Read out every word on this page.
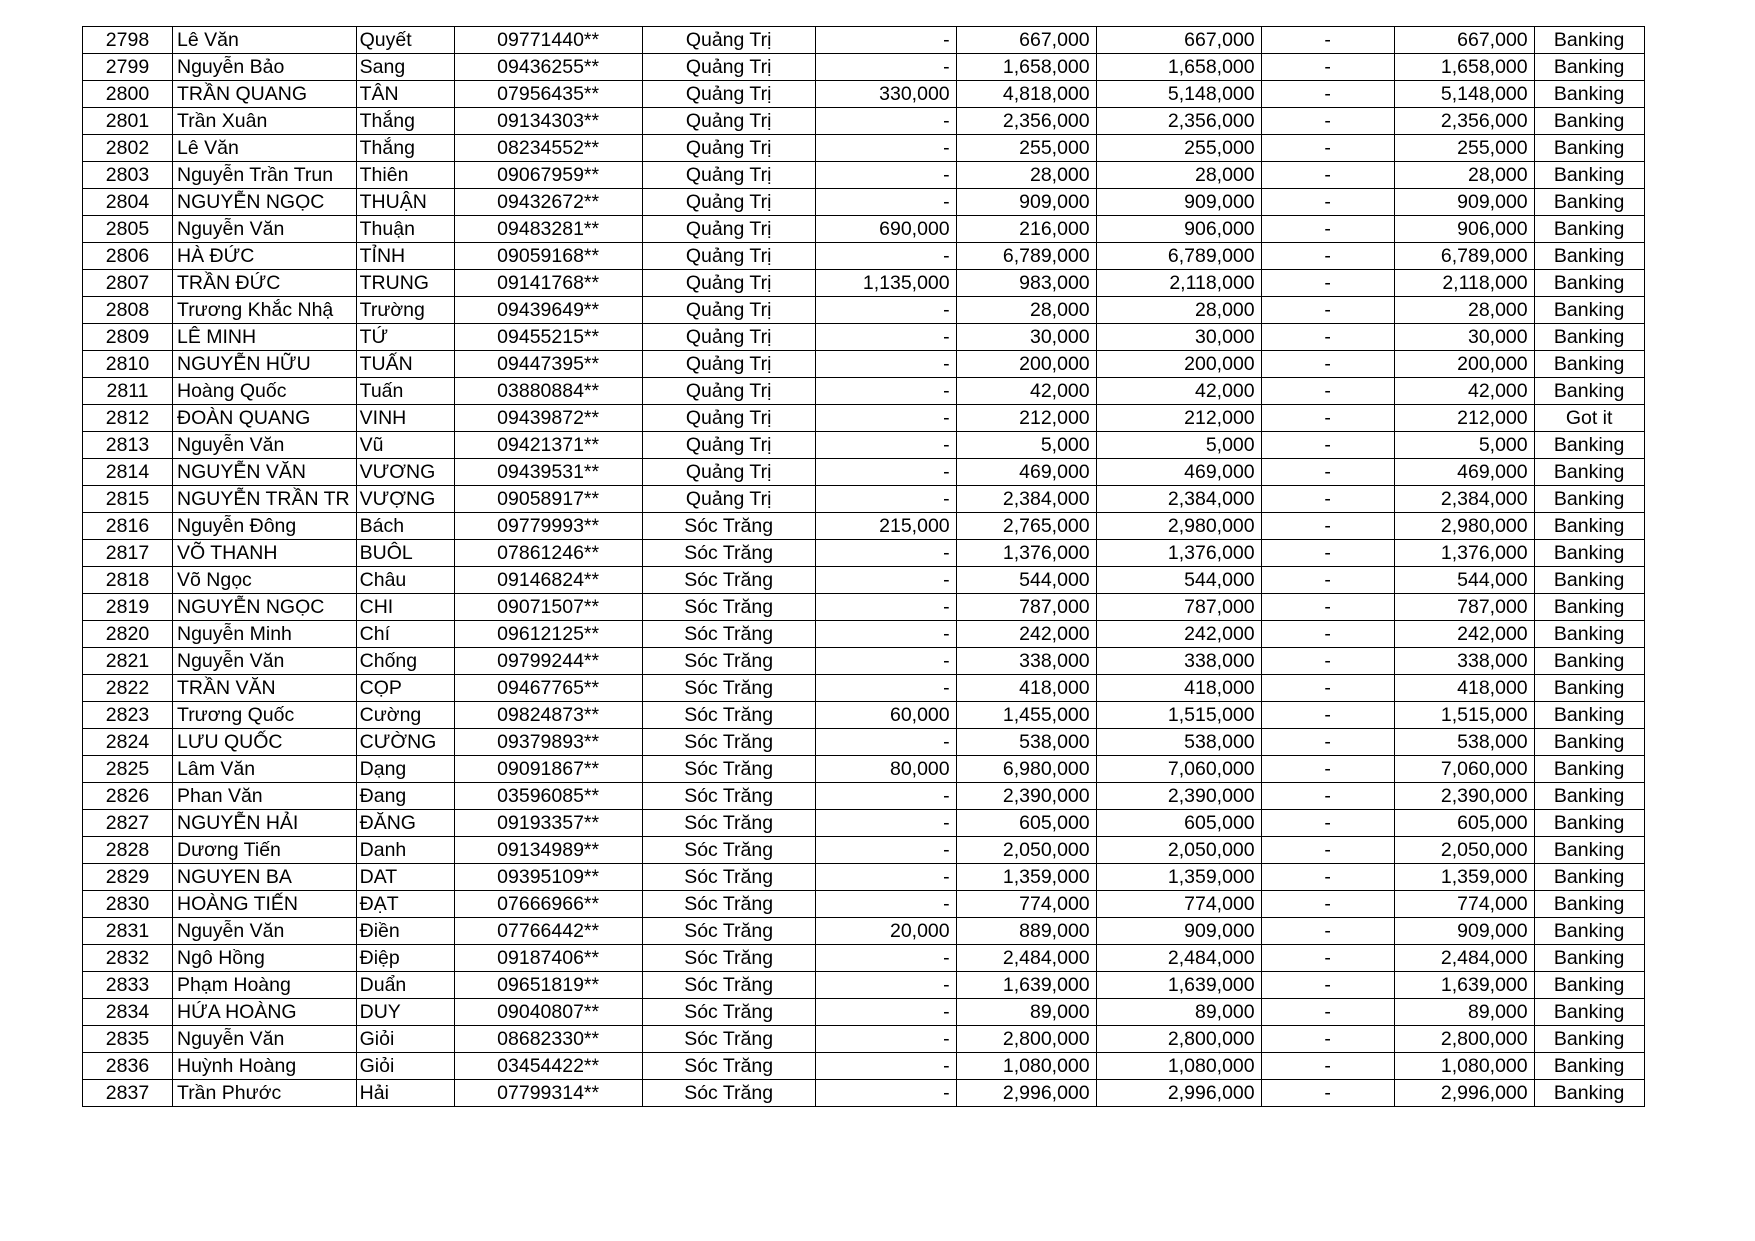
2798	Lê Văn	Quyết	09771440**	Quảng Trị	-	667,000	667,000	-	667,000	Banking
2799	Nguyễn Bảo	Sang	09436255**	Quảng Trị	-	1,658,000	1,658,000	-	1,658,000	Banking
2800	TRẦN QUANG	TÂN	07956435**	Quảng Trị	330,000	4,818,000	5,148,000	-	5,148,000	Banking
2801	Trần Xuân	Thắng	09134303**	Quảng Trị	-	2,356,000	2,356,000	-	2,356,000	Banking
2802	Lê Văn	Thắng	08234552**	Quảng Trị	-	255,000	255,000	-	255,000	Banking
2803	Nguyễn Trần Trun	Thiên	09067959**	Quảng Trị	-	28,000	28,000	-	28,000	Banking
2804	NGUYỄN NGỌC	THUẬN	09432672**	Quảng Trị	-	909,000	909,000	-	909,000	Banking
2805	Nguyễn Văn	Thuận	09483281**	Quảng Trị	690,000	216,000	906,000	-	906,000	Banking
2806	HÀ ĐỨC	TỈNH	09059168**	Quảng Trị	-	6,789,000	6,789,000	-	6,789,000	Banking
2807	TRẦN ĐỨC	TRUNG	09141768**	Quảng Trị	1,135,000	983,000	2,118,000	-	2,118,000	Banking
2808	Trương Khắc Nhậ	Trường	09439649**	Quảng Trị	-	28,000	28,000	-	28,000	Banking
2809	LÊ MINH	TỨ	09455215**	Quảng Trị	-	30,000	30,000	-	30,000	Banking
2810	NGUYỄN HỮU	TUẤN	09447395**	Quảng Trị	-	200,000	200,000	-	200,000	Banking
2811	Hoàng Quốc	Tuấn	03880884**	Quảng Trị	-	42,000	42,000	-	42,000	Banking
2812	ĐOÀN QUANG	VINH	09439872**	Quảng Trị	-	212,000	212,000	-	212,000	Got it
2813	Nguyễn Văn	Vũ	09421371**	Quảng Trị	-	5,000	5,000	-	5,000	Banking
2814	NGUYỄN VĂN	VƯƠNG	09439531**	Quảng Trị	-	469,000	469,000	-	469,000	Banking
2815	NGUYỄN TRẦN TR	VƯỢNG	09058917**	Quảng Trị	-	2,384,000	2,384,000	-	2,384,000	Banking
2816	Nguyễn Đông	Bách	09779993**	Sóc Trăng	215,000	2,765,000	2,980,000	-	2,980,000	Banking
2817	VÕ THANH	BUÔL	07861246**	Sóc Trăng	-	1,376,000	1,376,000	-	1,376,000	Banking
2818	Võ Ngọc	Châu	09146824**	Sóc Trăng	-	544,000	544,000	-	544,000	Banking
2819	NGUYỄN NGỌC	CHI	09071507**	Sóc Trăng	-	787,000	787,000	-	787,000	Banking
2820	Nguyễn Minh	Chí	09612125**	Sóc Trăng	-	242,000	242,000	-	242,000	Banking
2821	Nguyễn Văn	Chống	09799244**	Sóc Trăng	-	338,000	338,000	-	338,000	Banking
2822	TRẦN VĂN	CỌP	09467765**	Sóc Trăng	-	418,000	418,000	-	418,000	Banking
2823	Trương Quốc	Cường	09824873**	Sóc Trăng	60,000	1,455,000	1,515,000	-	1,515,000	Banking
2824	LƯU QUỐC	CƯỜNG	09379893**	Sóc Trăng	-	538,000	538,000	-	538,000	Banking
2825	Lâm Văn	Dạng	09091867**	Sóc Trăng	80,000	6,980,000	7,060,000	-	7,060,000	Banking
2826	Phan Văn	Đang	03596085**	Sóc Trăng	-	2,390,000	2,390,000	-	2,390,000	Banking
2827	NGUYỄN HẢI	ĐĂNG	09193357**	Sóc Trăng	-	605,000	605,000	-	605,000	Banking
2828	Dương Tiến	Danh	09134989**	Sóc Trăng	-	2,050,000	2,050,000	-	2,050,000	Banking
2829	NGUYEN BA	DAT	09395109**	Sóc Trăng	-	1,359,000	1,359,000	-	1,359,000	Banking
2830	HOÀNG TIẾN	ĐẠT	07666966**	Sóc Trăng	-	774,000	774,000	-	774,000	Banking
2831	Nguyễn Văn	Điền	07766442**	Sóc Trăng	20,000	889,000	909,000	-	909,000	Banking
2832	Ngô Hồng	Điệp	09187406**	Sóc Trăng	-	2,484,000	2,484,000	-	2,484,000	Banking
2833	Phạm Hoàng	Duẩn	09651819**	Sóc Trăng	-	1,639,000	1,639,000	-	1,639,000	Banking
2834	HỨA HOÀNG	DUY	09040807**	Sóc Trăng	-	89,000	89,000	-	89,000	Banking
2835	Nguyễn Văn	Giỏi	08682330**	Sóc Trăng	-	2,800,000	2,800,000	-	2,800,000	Banking
2836	Huỳnh Hoàng	Giỏi	03454422**	Sóc Trăng	-	1,080,000	1,080,000	-	1,080,000	Banking
2837	Trần Phước	Hải	07799314**	Sóc Trăng	-	2,996,000	2,996,000	-	2,996,000	Banking
